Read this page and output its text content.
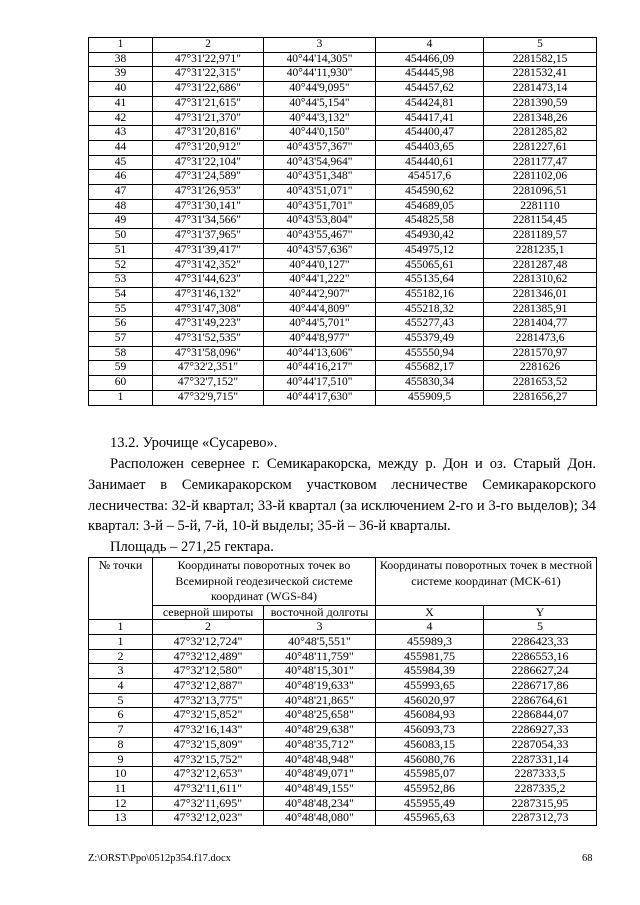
1	2	3	4	5
38	47°31'22,971"	40°44'14,305"	454466,09	2281582,15
39	47°31'22,315"	40°44'11,930"	454445,98	2281532,41
40	47°31'22,686"	40°44'9,095"	454457,62	2281473,14
41	47°31'21,615"	40°44'5,154"	454424,81	2281390,59
42	47°31'21,370"	40°44'3,132"	454417,41	2281348,26
43	47°31'20,816"	40°44'0,150"	454400,47	2281285,82
44	47°31'20,912"	40°43'57,367"	454403,65	2281227,61
45	47°31'22,104"	40°43'54,964"	454440,61	2281177,47
46	47°31'24,589"	40°43'51,348"	454517,6	2281102,06
47	47°31'26,953"	40°43'51,071"	454590,62	2281096,51
48	47°31'30,141"	40°43'51,701"	454689,05	2281110
49	47°31'34,566"	40°43'53,804"	454825,58	2281154,45
50	47°31'37,965"	40°43'55,467"	454930,42	2281189,57
51	47°31'39,417"	40°43'57,636"	454975,12	2281235,1
52	47°31'42,352"	40°44'0,127"	455065,61	2281287,48
53	47°31'44,623"	40°44'1,222"	455135,64	2281310,62
54	47°31'46,132"	40°44'2,907"	455182,16	2281346,01
55	47°31'47,308"	40°44'4,809"	455218,32	2281385,91
56	47°31'49,223"	40°44'5,701"	455277,43	2281404,77
57	47°31'52,535"	40°44'8,977"	455379,49	2281473,6
58	47°31'58,096"	40°44'13,606"	455550,94	2281570,97
59	47°32'2,351"	40°44'16,217"	455682,17	2281626
60	47°32'7,152"	40°44'17,510"	455830,34	2281653,52
1	47°32'9,715"	40°44'17,630"	455909,5	2281656,27
13.2. Урочище «Сусарево».
Расположен севернее г. Семикаракорска, между р. Дон и оз. Старый Дон. Занимает в Семикаракорском участковом лесничестве Семикаракорского лесничества: 32-й квартал; 33-й квартал (за исключением 2-го и 3-го выделов); 34 квартал: 3-й – 5-й, 7-й, 10-й выделы; 35-й – 36-й кварталы.
Площадь – 271,25 гектара.
№ точки	Координаты поворотных точек во Всемирной геодезической системе координат (WGS-84)		Координаты поворотных точек в местной системе координат (МСК-61)	
	северной широты	восточной долготы	X	Y
1	2	3	4	5
1	47°32'12,724"	40°48'5,551"	455989,3	2286423,33
2	47°32'12,489"	40°48'11,759"	455981,75	2286553,16
3	47°32'12,580"	40°48'15,301"	455984,39	2286627,24
4	47°32'12,887"	40°48'19,633"	455993,65	2286717,86
5	47°32'13,775"	40°48'21,865"	456020,97	2286764,61
6	47°32'15,852"	40°48'25,658"	456084,93	2286844,07
7	47°32'16,143"	40°48'29,638"	456093,73	2286927,33
8	47°32'15,809"	40°48'35,712"	456083,15	2287054,33
9	47°32'15,752"	40°48'48,948"	456080,76	2287331,14
10	47°32'12,653"	40°48'49,071"	455985,07	2287333,5
11	47°32'11,611"	40°48'49,155"	455952,86	2287335,2
12	47°32'11,695"	40°48'48,234"	455955,49	2287315,95
13	47°32'12,023"	40°48'48,080"	455965,63	2287312,73
Z:\ORST\Ppo\0512p354.f17.docx	68
